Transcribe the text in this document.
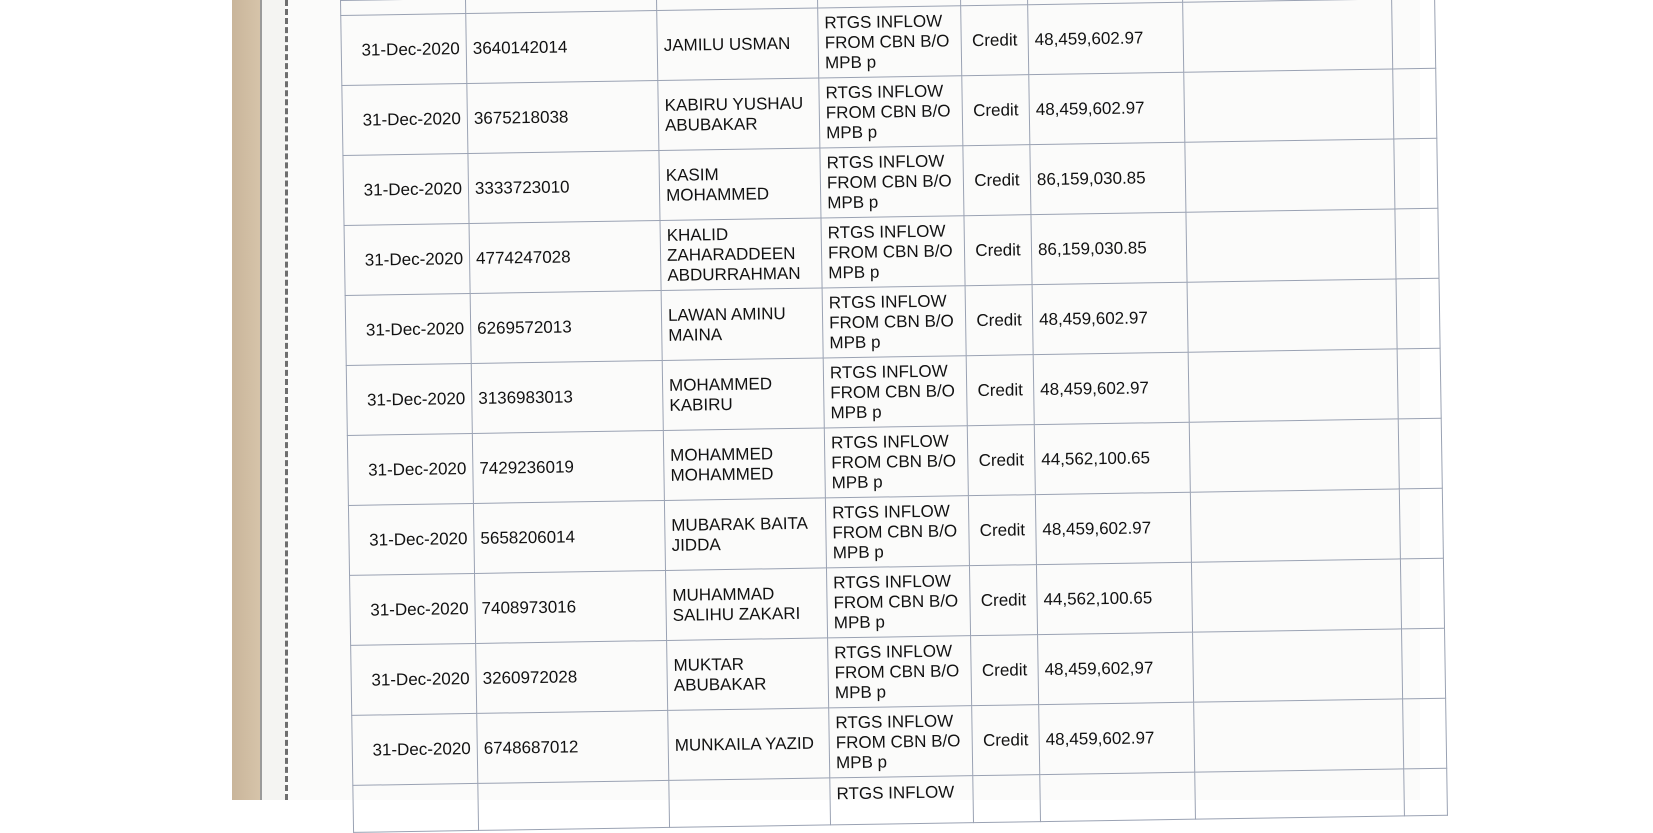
31-Dec-2020	3640142014	JAMILU USMAN	RTGS INFLOW FROM CBN B/O MPB p	Credit	48,459,602.97		
31-Dec-2020	3675218038	KABIRU YUSHAU ABUBAKAR	RTGS INFLOW FROM CBN B/O MPB p	Credit	48,459,602.97		
31-Dec-2020	3333723010	KASIM MOHAMMED	RTGS INFLOW FROM CBN B/O MPB p	Credit	86,159,030.85		
31-Dec-2020	4774247028	KHALID ZAHARADDEEN ABDURRAHMAN	RTGS INFLOW FROM CBN B/O MPB p	Credit	86,159,030.85		
31-Dec-2020	6269572013	LAWAN AMINU MAINA	RTGS INFLOW FROM CBN B/O MPB p	Credit	48,459,602.97		
31-Dec-2020	3136983013	MOHAMMED KABIRU	RTGS INFLOW FROM CBN B/O MPB p	Credit	48,459,602.97		
31-Dec-2020	7429236019	MOHAMMED MOHAMMED	RTGS INFLOW FROM CBN B/O MPB p	Credit	44,562,100.65		
31-Dec-2020	5658206014	MUBARAK BAITA JIDDA	RTGS INFLOW FROM CBN B/O MPB p	Credit	48,459,602.97		
31-Dec-2020	7408973016	MUHAMMAD SALIHU ZAKARI	RTGS INFLOW FROM CBN B/O MPB p	Credit	44,562,100.65		
31-Dec-2020	3260972028	MUKTAR ABUBAKAR	RTGS INFLOW FROM CBN B/O MPB p	Credit	48,459,602,97		
31-Dec-2020	6748687012	MUNKAILA YAZID	RTGS INFLOW FROM CBN B/O MPB p	Credit	48,459,602.97		
			RTGS INFLOW				
